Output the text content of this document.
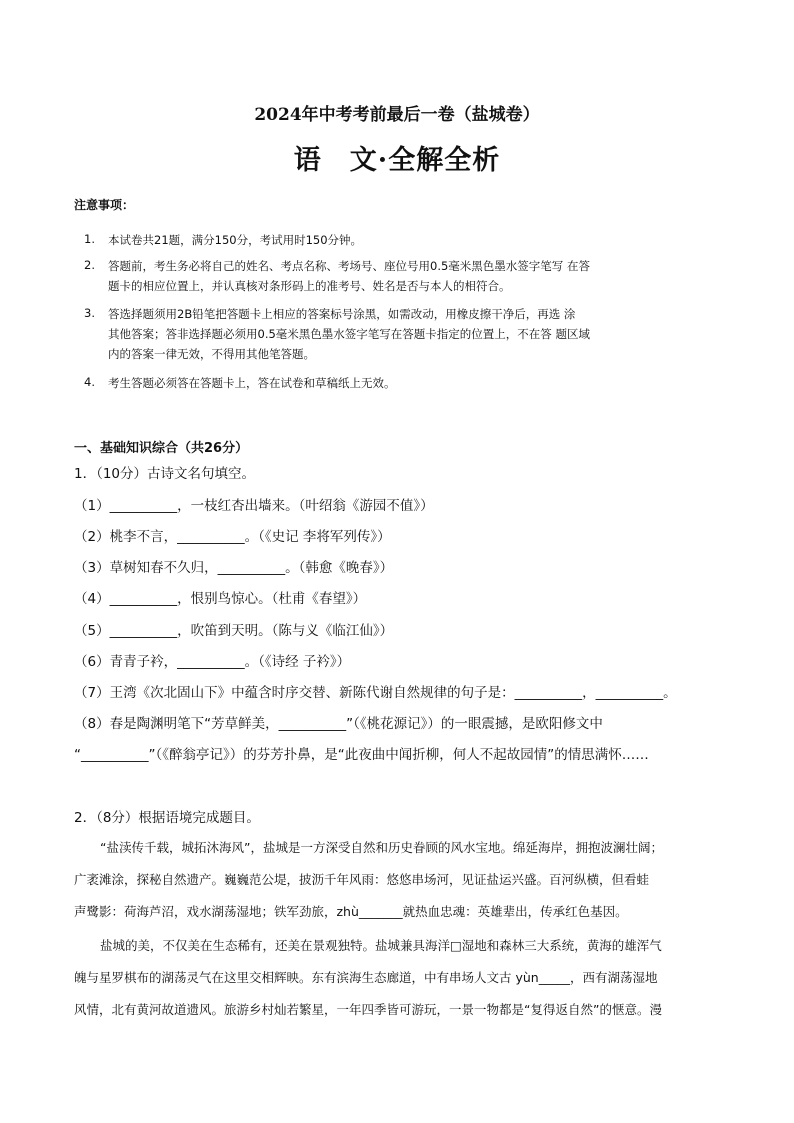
2024年中考考前最后一卷（盐城卷）
语　文·全解全析
注意事项：
1. 本试卷共21题，满分150分，考试用时150分钟。
2. 答题前，考生务必将自己的姓名、考点名称、考场号、座位号用0.5毫米黑色墨水签字笔写 在答
题卡的相应位置上，并认真核对条形码上的准考号、姓名是否与本人的相符合。
3. 答选择题须用2B铅笔把答题卡上相应的答案标号涂黑，如需改动，用橡皮擦干净后，再选 涂
其他答案；答非选择题必须用0.5毫米黑色墨水签字笔写在答题卡指定的位置上，不在答 题区域
内的答案一律无效，不得用其他笔答题。
4. 考生答题必须答在答题卡上，答在试卷和草稿纸上无效。
一、基础知识综合（共26分）
1．（10分）古诗文名句填空。
（1）__________，一枝红杏出墙来。（叶绍翁《游园不值》）
（2）桃李不言，__________。（《史记 李将军列传》）
（3）草树知春不久归，__________。（韩愈《晚春》）
（4）__________，恨别鸟惊心。（杜甫《春望》）
（5）__________，吹笛到天明。（陈与义《临江仙》）
（6）青青子衿，__________。（《诗经 子衿》）
（7）王湾《次北固山下》中蕴含时序交替、新陈代谢自然规律的句子是：__________，__________。
（8）春是陶渊明笔下“芳草鲜美，__________”（《桃花源记》）的一眼震撼，是欧阳修文中
“__________”（《醉翁亭记》）的芬芳扑鼻，是“此夜曲中闻折柳，何人不起故园情”的情思满怀……
2．（8分）根据语境完成题目。
“盐渎传千载，城拓沐海风”，盐城是一方深受自然和历史眷顾的风水宝地。绵延海岸，拥抱波澜壮阔；
广袤滩涂，探秘自然遗产。巍巍范公堤，披沥千年风雨：悠悠串场河，见证盐运兴盛。百河纵横，但看蛙
声鹭影：荷海芦沼，戏水湖荡湿地；铁军劲旅，zhù_______就热血忠魂：英雄辈出，传承红色基因。
盐城的美，不仅美在生态稀有，还美在景观独特。盐城兼具海洋□湿地和森林三大系统，黄海的雄浑气
魄与星罗棋布的湖荡灵气在这里交相辉映。东有滨海生态廊道，中有串场人文古 yùn_____，西有湖荡湿地
风情，北有黄河故道遗风。旅游乡村灿若繁星，一年四季皆可游玩，一景一物都是“复得返自然”的惬意。漫
